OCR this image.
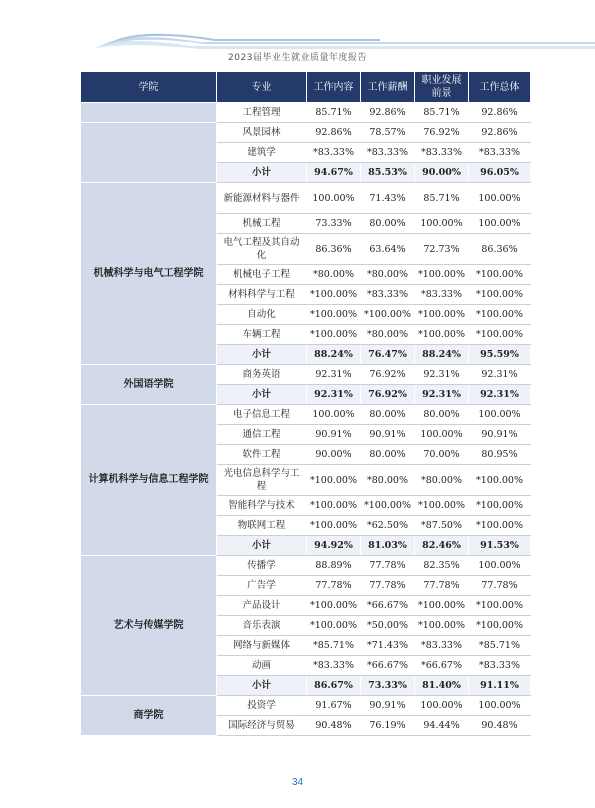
2023届毕业生就业质量年度报告
学院	专业	工作内容	工作薪酬	职业发展前景	工作总体
	工程管理	85.71%	92.86%	85.71%	92.86%
	风景园林	92.86%	78.57%	76.92%	92.86%
	建筑学	*83.33%	*83.33%	*83.33%	*83.33%
	小计	94.67%	85.53%	90.00%	96.05%
机械科学与电气工程学院	新能源材料与器件	100.00%	71.43%	85.71%	100.00%
	机械工程	73.33%	80.00%	100.00%	100.00%
	电气工程及其自动化	86.36%	63.64%	72.73%	86.36%
	机械电子工程	*80.00%	*80.00%	*100.00%	*100.00%
	材料科学与工程	*100.00%	*83.33%	*83.33%	*100.00%
	自动化	*100.00%	*100.00%	*100.00%	*100.00%
	车辆工程	*100.00%	*80.00%	*100.00%	*100.00%
	小计	88.24%	76.47%	88.24%	95.59%
外国语学院	商务英语	92.31%	76.92%	92.31%	92.31%
	小计	92.31%	76.92%	92.31%	92.31%
计算机科学与信息工程学院	电子信息工程	100.00%	80.00%	80.00%	100.00%
	通信工程	90.91%	90.91%	100.00%	90.91%
	软件工程	90.00%	80.00%	70.00%	80.95%
	光电信息科学与工程	*100.00%	*80.00%	*80.00%	*100.00%
	智能科学与技术	*100.00%	*100.00%	*100.00%	*100.00%
	物联网工程	*100.00%	*62.50%	*87.50%	*100.00%
	小计	94.92%	81.03%	82.46%	91.53%
艺术与传媒学院	传播学	88.89%	77.78%	82.35%	100.00%
	广告学	77.78%	77.78%	77.78%	77.78%
	产品设计	*100.00%	*66.67%	*100.00%	*100.00%
	音乐表演	*100.00%	*50.00%	*100.00%	*100.00%
	网络与新媒体	*85.71%	*71.43%	*83.33%	*85.71%
	动画	*83.33%	*66.67%	*66.67%	*83.33%
	小计	86.67%	73.33%	81.40%	91.11%
商学院	投资学	91.67%	90.91%	100.00%	100.00%
	国际经济与贸易	90.48%	76.19%	94.44%	90.48%
34
